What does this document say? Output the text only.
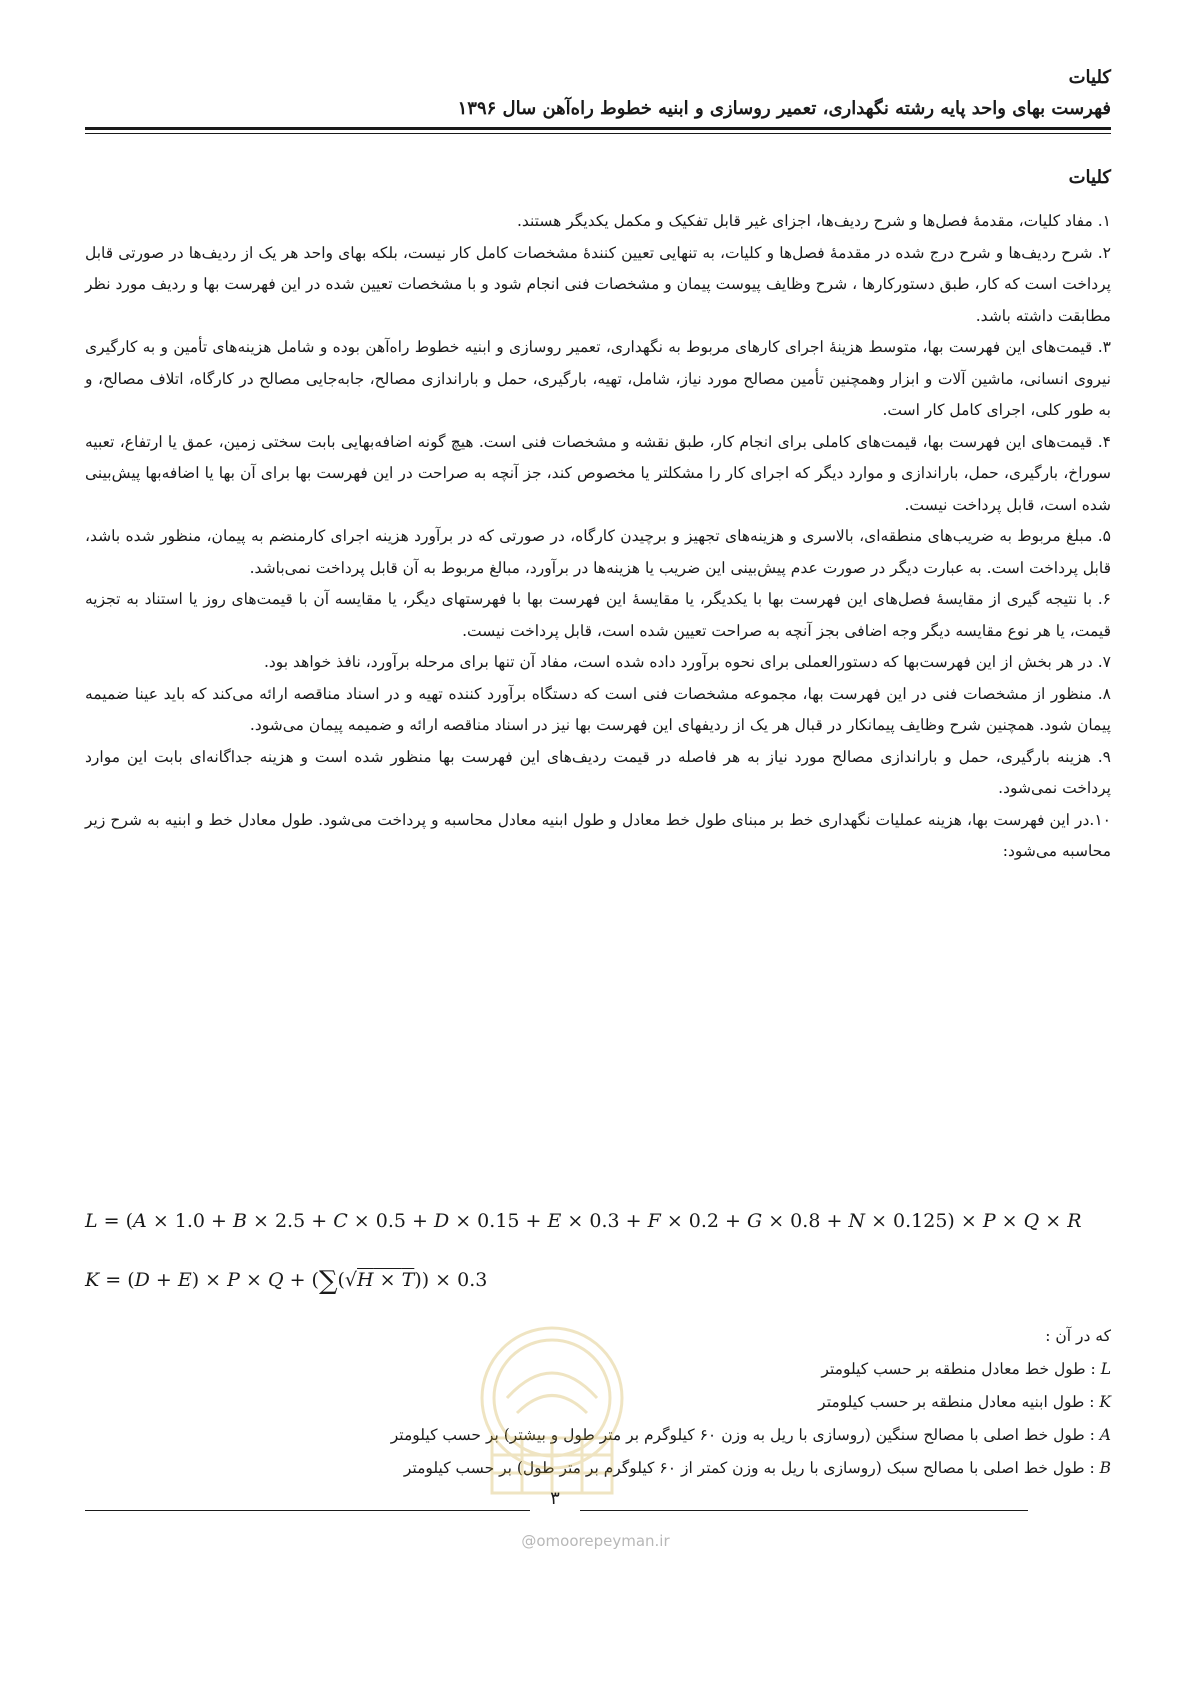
کلیات
فهرست بهای واحد پایه رشته نگهداری، تعمیر روسازی و ابنیه خطوط راه‌آهن سال ۱۳۹۶
کلیات

۱. مفاد کلیات، مقدمهٔ فصل‌ها و شرح ردیف‌ها، اجزای غیر قابل تفکیک و مکمل یکدیگر هستند.

۲. شرح ردیف‌ها و شرح درج شده در مقدمهٔ فصل‌ها و کلیات، به تنهایی تعیین کنندهٔ مشخصات کامل کار نیست، بلکه بهای واحد هر یک از ردیف‌ها در صورتی قابل پرداخت است که کار، طبق دستورکارها ، شرح وظایف پیوست پیمان و مشخصات فنی انجام شود و با مشخصات تعیین شده در این فهرست بها و ردیف مورد نظر مطابقت داشته باشد.

۳. قیمت‌های این فهرست بها، متوسط هزینهٔ اجرای کارهای مربوط به نگهداری، تعمیر روسازی و ابنیه خطوط راه‌آهن بوده و شامل هزینه‌های تأمین و به کارگیری نیروی انسانی، ماشین آلات و ابزار وهمچنین تأمین مصالح مورد نیاز، شامل، تهیه، بارگیری، حمل و باراندازی مصالح، جابه‌جایی مصالح در کارگاه، اتلاف مصالح، و به طور کلی، اجرای کامل کار است.

۴. قیمت‌های این فهرست بها، قیمت‌های کاملی برای انجام کار، طبق نقشه و مشخصات فنی است. هیچ گونه اضافه‌بهایی بابت سختی زمین، عمق یا ارتفاع، تعبیه سوراخ، بارگیری، حمل، باراندازی و موارد دیگر که اجرای کار را مشکلتر یا مخصوص کند، جز آنچه به صراحت در این فهرست بها برای آن بها یا اضافه‌بها پیش‌بینی شده است، قابل پرداخت نیست.

۵. مبلغ مربوط به ضریب‌های منطقه‌ای، بالاسری و هزینه‌های تجهیز و برچیدن کارگاه، در صورتی که در برآورد هزینه اجرای کارمنضم به پیمان، منظور شده باشد، قابل پرداخت است. به عبارت دیگر در صورت عدم پیش‌بینی این ضریب یا هزینه‌ها در برآورد، مبالغ مربوط به آن قابل پرداخت نمی‌باشد.

۶. با نتیجه گیری از مقایسهٔ فصل‌های این فهرست بها با یکدیگر، یا مقایسهٔ این فهرست بها با فهرستهای دیگر، یا مقایسه آن با قیمت‌های روز یا استناد به تجزیه قیمت، یا هر نوع مقایسه دیگر وجه اضافی بجز آنچه به صراحت تعیین شده است، قابل پرداخت نیست.

۷. در هر بخش از این فهرست‌بها که دستورالعملی برای نحوه برآورد داده شده است، مفاد آن تنها برای مرحله برآورد، نافذ خواهد بود.

۸. منظور از مشخصات فنی در این فهرست بها، مجموعه مشخصات فنی است که دستگاه برآورد کننده تهیه و در اسناد مناقصه ارائه می‌کند که باید عینا ضمیمه پیمان شود. همچنین شرح وظایف پیمانکار در قبال هر یک از ردیفهای این فهرست بها نیز در اسناد مناقصه ارائه و ضمیمه پیمان می‌شود.

۹. هزینه بارگیری، حمل و باراندازی مصالح مورد نیاز به هر فاصله در قیمت ردیف‌های این فهرست بها منظور شده است و هزینه جداگانه‌ای بابت این موارد پرداخت نمی‌شود.

۱۰.در این فهرست بها، هزینه عملیات نگهداری خط بر مبنای طول خط معادل و طول ابنیه معادل محاسبه و پرداخت می‌شود. طول معادل خط و ابنیه به شرح زیر محاسبه می‌شود:

L = (A × 1.0 + B × 2.5 + C × 0.5 + D × 0.15 + E × 0.3 + F × 0.2 + G × 0.8 + N × 0.125) × P × Q × R
K = (D + E) × P × Q + (∑(√H × T)) × 0.3

که در آن :

L : طول خط معادل منطقه بر حسب کیلومتر

K : طول ابنیه معادل منطقه بر حسب کیلومتر

A : طول خط اصلی با مصالح سنگین (روسازی با ریل به وزن ۶۰ کیلوگرم بر متر طول و بیشتر) بر حسب کیلومتر

B : طول خط اصلی با مصالح سبک (روسازی با ریل به وزن کمتر از ۶۰ کیلوگرم بر متر طول) بر حسب کیلومتر

۳
@omoorepeyman.ir
